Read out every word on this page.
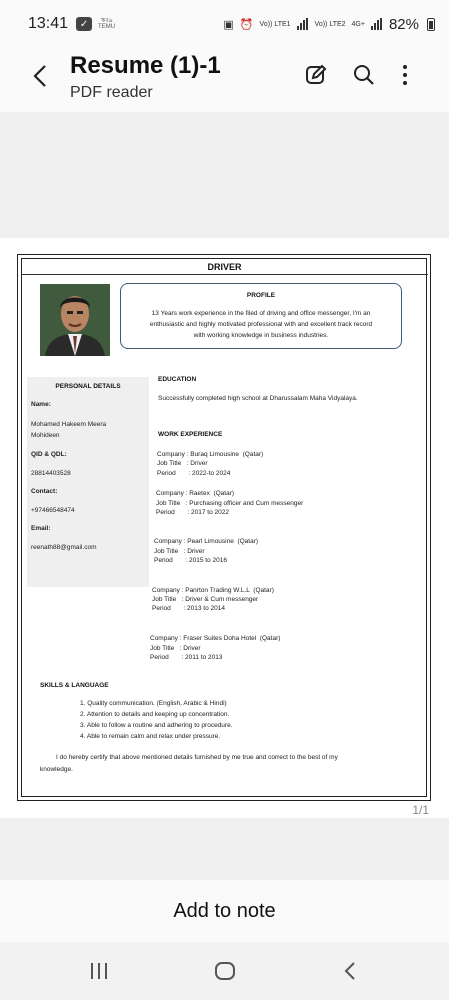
13:41	✓	ঋঃঌ
TEMU	▣ ⏰ Vo)) LTE1	Vo)) LTE2 4G+ 82%
Resume (1)-1
PDF reader
DRIVER
PROFILE
13 Years work experience in the filed of driving and office messenger, I'm an
enthusiastic and highly motivated professional with and excellent track record
with working knowledge in business industries.
PERSONAL DETAILS
Name:
Mohamed Hakeem Meera
Mohideen
QID & QDL:
28814403528
Contact:
+97466548474
Email:
reenath88@gmail.com
EDUCATION
Successfully completed high school at Dharussalam Maha Vidyalaya.
WORK EXPERIENCE
Company : Buraq Limousine  (Qatar)
Job Title   : Driver
Period       : 2022-to 2024
Company : Raetex  (Qatar)
Job Title   : Purchasing officer and Cum messenger
Period       : 2017 to 2022
Company : Pearl Limousine  (Qatar)
Job Title   : Driver
Period       : 2015 to 2016
Company : Panrton Trading W.L.L  (Qatar)
Job Title   : Driver & Cum messenger
Period       : 2013 to 2014
Company : Fraser Suites Doha Hotel  (Qatar)
Job Title   : Driver
Period       : 2011 to 2013
SKILLS & LANGUAGE
1. Quality communication. (English, Arabic & Hindi)
2. Attention to details and keeping up concentration.
3. Able to follow a routine and adhering to procedure.
4. Able to remain calm and relax under pressure.
I do hereby certify that above mentioned details furnished by me true and correct to the best of my
knowledge.
1/1
Add to note
